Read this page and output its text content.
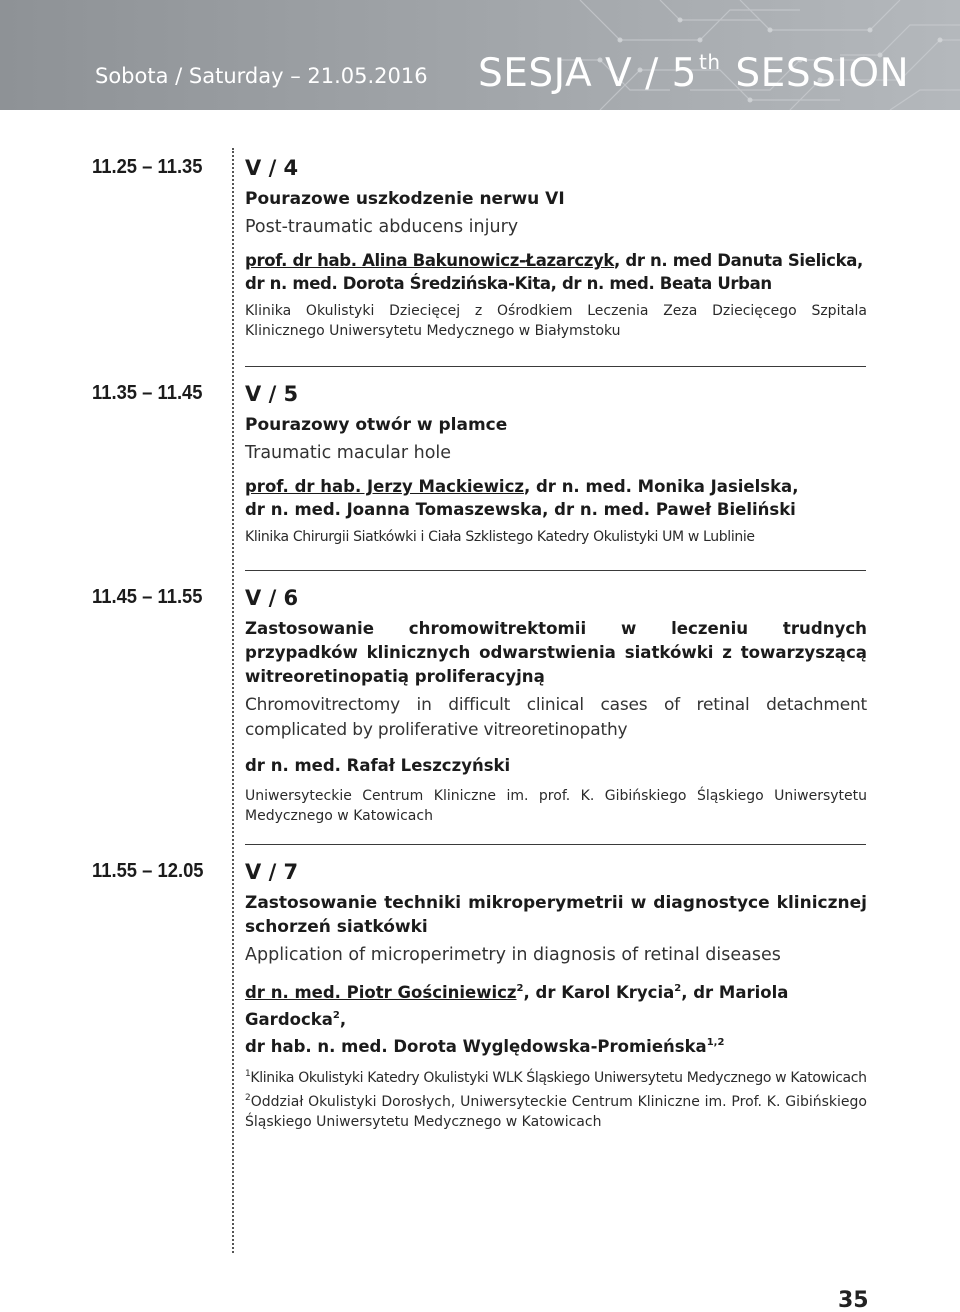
Sobota / Saturday – 21.05.2016 SESJA V / 5 $^{th}$ SESSION
11.25 – 11.35 V / 4
Pourazowe uszkodzenie nerwu VI
Post-traumatic abducens injury
prof. dr hab. Alina Bakunowicz-Łazarczyk, dr n. med Danuta Sielicka,
dr n. med. Dorota Średzińska-Kita, dr n. med. Beata Urban
Klinika Okulistyki Dziecięcej z Ośrodkiem Leczenia Zeza Dziecięcego Szpitala Klinicznego Uniwersytetu Medycznego w Białymstoku
11.35 – 11.45 V / 5
Pourazowy otwór w plamce
Traumatic macular hole
prof. dr hab. Jerzy Mackiewicz, dr n. med. Monika Jasielska,
dr n. med. Joanna Tomaszewska, dr n. med. Paweł Bieliński
Klinika Chirurgii Siatkówki i Ciała Szklistego Katedry Okulistyki UM w Lublinie
11.45 – 11.55 V / 6
Zastosowanie chromowitrektomii w leczeniu trudnych przypadków klinicznych odwarstwienia siatkówki z towarzyszącą witreoretinopatią proliferacyjną
Chromovitrectomy in difficult clinical cases of retinal detachment complicated by proliferative vitreoretinopathy
dr n. med. Rafał Leszczyński
Uniwersyteckie Centrum Kliniczne im. prof. K. Gibińskiego Śląskiego Uniwersytetu Medycznego w Katowicach
11.55 – 12.05 V / 7
Zastosowanie techniki mikroperymetrii w diagnostyce klinicznej schorzeń siatkówki
Application of microperimetry in diagnosis of retinal diseases
dr n. med. Piotr Gościniewicz$^2$, dr Karol Krycia$^2$, dr Mariola Gardocka$^2$,
dr hab. n. med. Dorota Wyględowska-Promieńska$^{1,2}$
$^1$Klinika Okulistyki Katedry Okulistyki WLK Śląskiego Uniwersytetu Medycznego w Katowicach
$^2$Oddział Okulistyki Dorosłych, Uniwersyteckie Centrum Kliniczne im. Prof. K. Gibińskiego Śląskiego Uniwersytetu Medycznego w Katowicach
35
